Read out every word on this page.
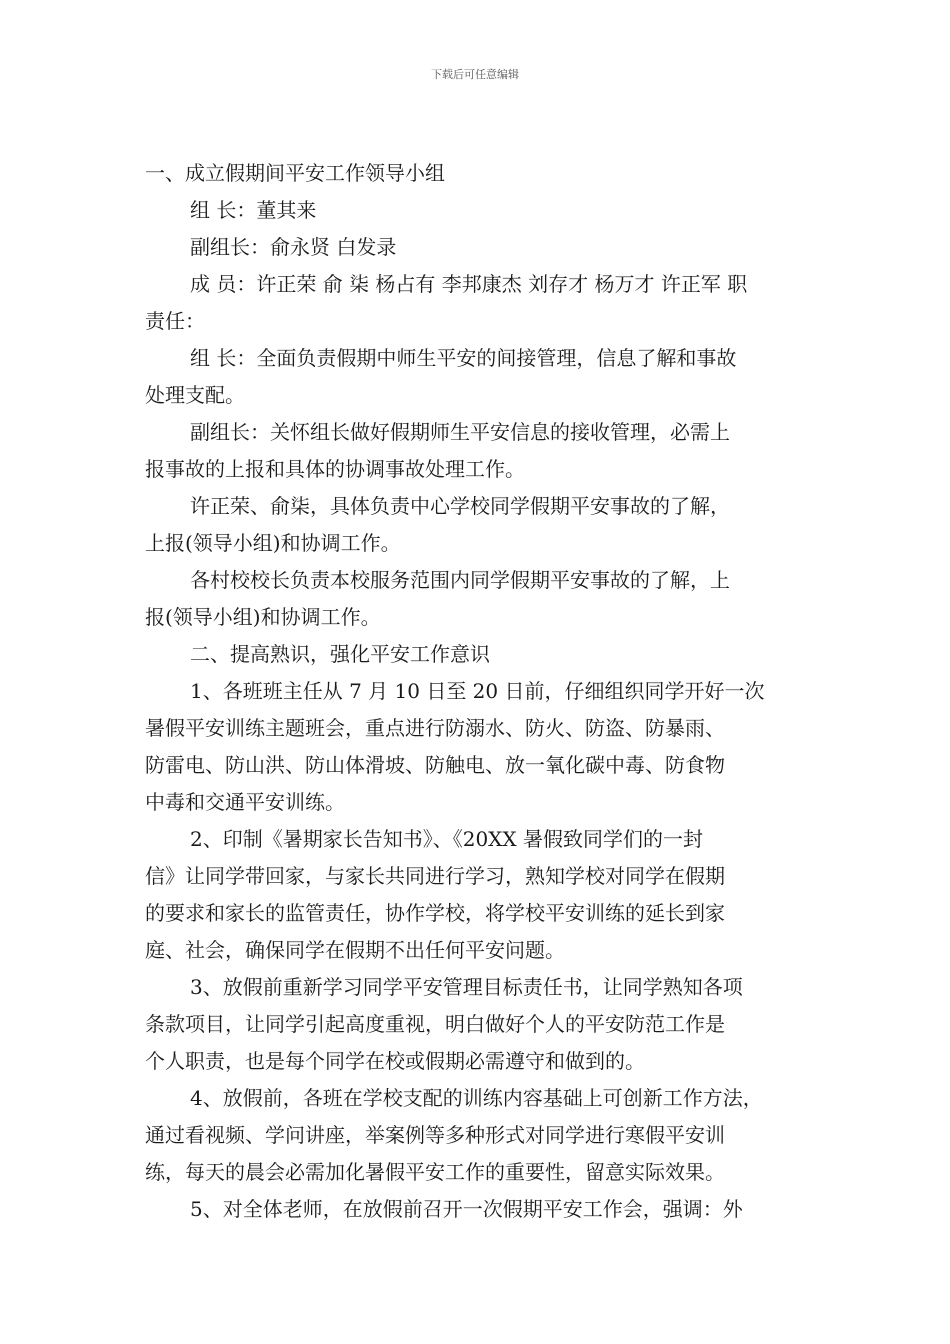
下载后可任意编辑
一、成立假期间平安工作领导小组
组 长：董其来
副组长：俞永贤 白发录
成 员：许正荣 俞 柒 杨占有 李邦康杰 刘存才 杨万才 许正军 职
责任：
组 长：全面负责假期中师生平安的间接管理，信息了解和事故
处理支配。
副组长：关怀组长做好假期师生平安信息的接收管理，必需上
报事故的上报和具体的协调事故处理工作。
许正荣、俞柒，具体负责中心学校同学假期平安事故的了解，
上报(领导小组)和协调工作。
各村校校长负责本校服务范围内同学假期平安事故的了解，上
报(领导小组)和协调工作。
二、提高熟识，强化平安工作意识
1、各班班主任从 7 月 10 日至 20 日前，仔细组织同学开好一次
暑假平安训练主题班会，重点进行防溺水、防火、防盗、防暴雨、
防雷电、防山洪、防山体滑坡、防触电、放一氧化碳中毒、防食物
中毒和交通平安训练。
2、印制《暑期家长告知书》、《20XX 暑假致同学们的一封
信》让同学带回家，与家长共同进行学习，熟知学校对同学在假期
的要求和家长的监管责任，协作学校，将学校平安训练的延长到家
庭、社会，确保同学在假期不出任何平安问题。
3、放假前重新学习同学平安管理目标责任书，让同学熟知各项
条款项目，让同学引起高度重视，明白做好个人的平安防范工作是
个人职责，也是每个同学在校或假期必需遵守和做到的。
4、放假前，各班在学校支配的训练内容基础上可创新工作方法，
通过看视频、学问讲座，举案例等多种形式对同学进行寒假平安训
练，每天的晨会必需加化暑假平安工作的重要性，留意实际效果。
5、对全体老师，在放假前召开一次假期平安工作会，强调：外
